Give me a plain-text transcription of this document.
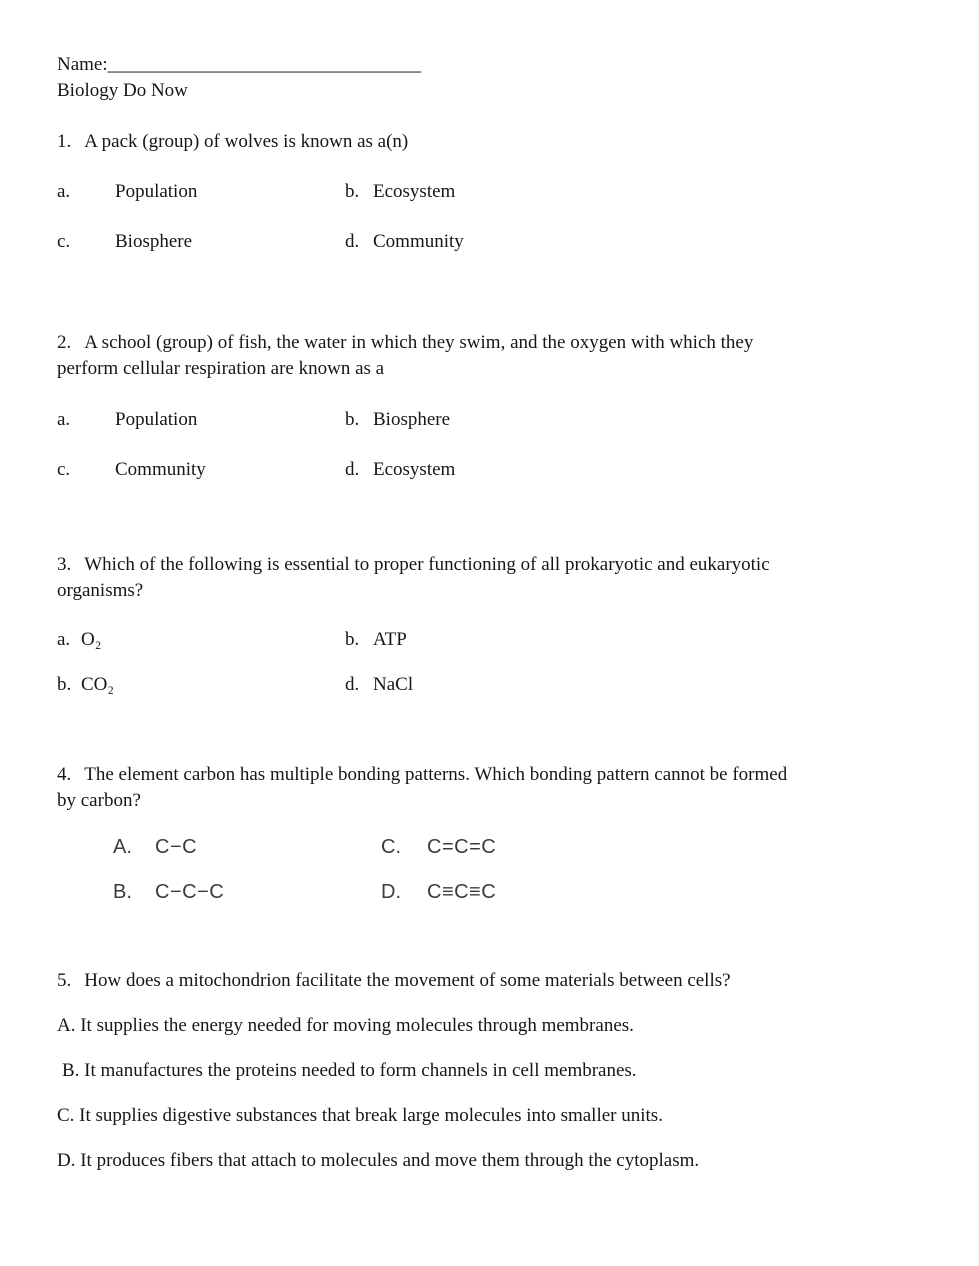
Name:_________________________________

Biology Do Now

1. A pack (group) of wolves is known as a(n)

a.	Population	b. Ecosystem
c.	Biosphere	d. Community

2. A school (group) of fish, the water in which they swim, and the oxygen with which they
perform cellular respiration are known as a

a.	Population	b. Biosphere
c.	Community	d. Ecosystem

3. Which of the following is essential to proper functioning of all prokaryotic and eukaryotic
organisms?

a. O₂	b. ATP
b. CO₂	d. NaCl

4. The element carbon has multiple bonding patterns. Which bonding pattern cannot be formed
by carbon?

A.	C−C	C.	C=C=C
B.	C−C−C	D.	C≡C≡C

5. How does a mitochondrion facilitate the movement of some materials between cells?

A. It supplies the energy needed for moving molecules through membranes.

B. It manufactures the proteins needed to form channels in cell membranes.

C. It supplies digestive substances that break large molecules into smaller units.

D. It produces fibers that attach to molecules and move them through the cytoplasm.
